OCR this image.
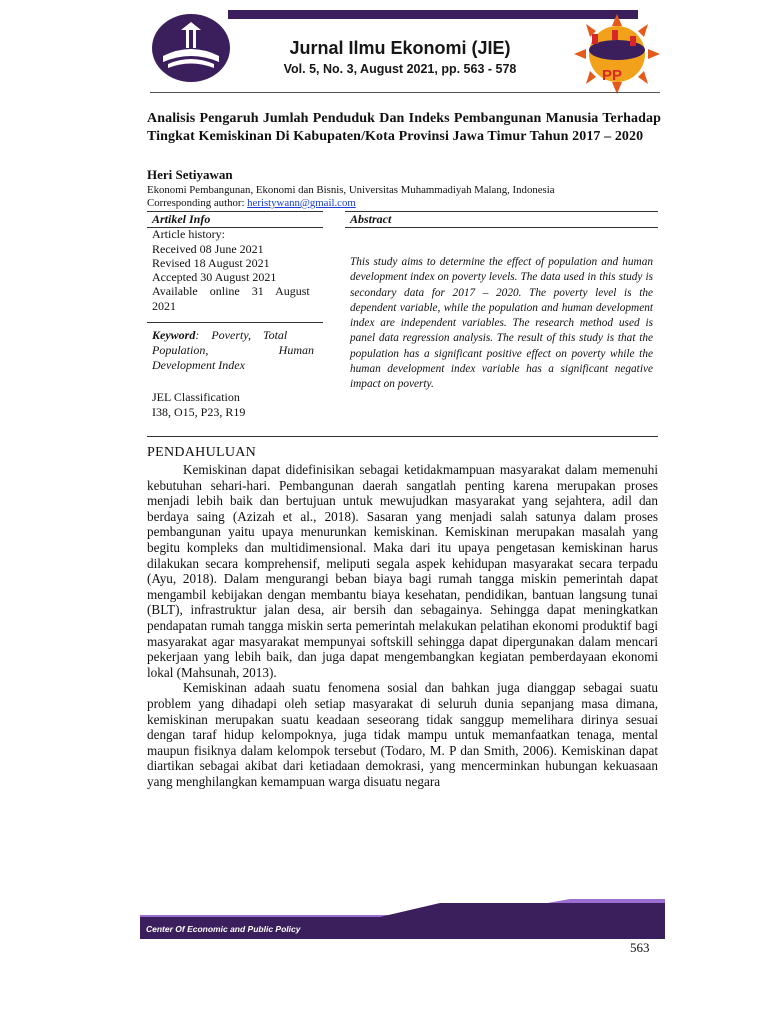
Jurnal Ilmu Ekonomi (JIE)
Vol. 5, No. 3, August 2021, pp. 563 - 578	PP
Analisis Pengaruh Jumlah Penduduk Dan Indeks Pembangunan Manusia Terhadap Tingkat Kemiskinan Di Kabupaten/Kota Provinsi Jawa Timur Tahun 2017 – 2020
Heri Setiyawan
Ekonomi Pembangunan, Ekonomi dan Bisnis, Universitas Muhammadiyah Malang, Indonesia
Corresponding author: heristywann@gmail.com
Artikel Info	Abstract
Article history:
Received 08 June 2021
Revised 18 August 2021
Accepted 30 August 2021
Available    online    31    August
2021
Keyword:    Poverty,    Total
Population,	Human
Development Index
JEL Classification
I38, O15, P23, R19
This study aims to determine the effect of population and human development index on poverty levels. The data used in this study is secondary data for 2017 – 2020. The poverty level is the dependent variable, while the population and human development index are independent variables. The research method used is panel data regression analysis. The result of this study is that the population has a significant positive effect on poverty while the human development index variable has a significant negative impact on poverty.
PENDAHULUAN

Kemiskinan dapat didefinisikan sebagai ketidakmampuan masyarakat dalam memenuhi kebutuhan sehari-hari. Pembangunan daerah sangatlah penting karena merupakan proses menjadi lebih baik dan bertujuan untuk mewujudkan masyarakat yang sejahtera, adil dan berdaya saing (Azizah et al., 2018). Sasaran yang menjadi salah satunya dalam proses pembangunan yaitu upaya menurunkan kemiskinan. Kemiskinan merupakan masalah yang begitu kompleks dan multidimensional. Maka dari itu upaya pengetasan kemiskinan harus dilakukan secara komprehensif, meliputi segala aspek kehidupan masyarakat secara terpadu (Ayu, 2018). Dalam mengurangi beban biaya bagi rumah tangga miskin pemerintah dapat mengambil kebijakan dengan membantu biaya kesehatan, pendidikan, bantuan langsung tunai (BLT), infrastruktur jalan desa, air bersih dan sebagainya. Sehingga dapat meningkatkan pendapatan rumah tangga miskin serta pemerintah melakukan pelatihan ekonomi produktif bagi masyarakat agar masyarakat mempunyai softskill sehingga dapat dipergunakan dalam mencari pekerjaan yang lebih baik, dan juga dapat mengembangkan kegiatan pemberdayaan ekonomi lokal (Mahsunah, 2013).

Kemiskinan adaah suatu fenomena sosial dan bahkan juga dianggap sebagai suatu problem yang dihadapi oleh setiap masyarakat di seluruh dunia sepanjang masa dimana, kemiskinan merupakan suatu keadaan seseorang tidak sanggup memelihara dirinya sesuai dengan taraf hidup kelompoknya, juga tidak mampu untuk memanfaatkan tenaga, mental maupun fisiknya dalam kelompok tersebut (Todaro, M. P dan Smith, 2006). Kemiskinan dapat diartikan sebagai akibat dari ketiadaan demokrasi, yang mencerminkan hubungan kekuasaan yang menghilangkan kemampuan warga disuatu negara

Center Of Economic and Public Policy
563
